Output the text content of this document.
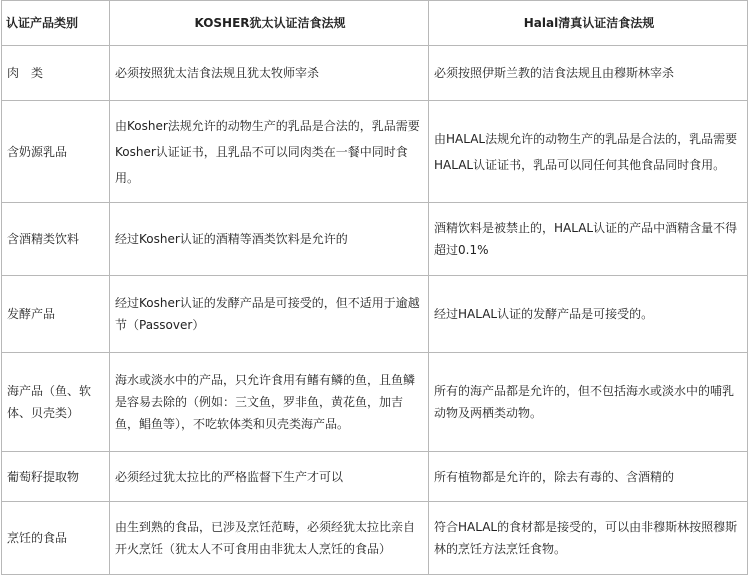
认证产品类别	KOSHER犹太认证洁食法规	Halal清真认证洁食法规
肉　类	必须按照犹太洁食法规且犹太牧师宰杀	必须按照伊斯兰教的洁食法规且由穆斯林宰杀
含奶源乳品	由Kosher法规允许的动物生产的乳品是合法的，乳品需要Kosher认证证书，且乳品不可以同肉类在一餐中同时食用。	由HALAL法规允许的动物生产的乳品是合法的，乳品需要HALAL认证证书，乳品可以同任何其他食品同时食用。
含酒精类饮料	经过Kosher认证的酒精等酒类饮料是允许的	酒精饮料是被禁止的，HALAL认证的产品中酒精含量不得超过0.1%
发酵产品	经过Kosher认证的发酵产品是可接受的，但不适用于逾越节（Passover）	经过HALAL认证的发酵产品是可接受的。
海产品（鱼、软体、贝壳类）	海水或淡水中的产品，只允许食用有鳍有鳞的鱼，且鱼鳞是容易去除的（例如：三文鱼，罗非鱼，黄花鱼，加吉鱼，鲳鱼等），不吃软体类和贝壳类海产品。	所有的海产品都是允许的，但不包括海水或淡水中的哺乳动物及两栖类动物。
葡萄籽提取物	必须经过犹太拉比的严格监督下生产才可以	所有植物都是允许的，除去有毒的、含酒精的
烹饪的食品	由生到熟的食品，已涉及烹饪范畴，必须经犹太拉比亲自开火烹饪（犹太人不可食用由非犹太人烹饪的食品）	符合HALAL的食材都是接受的，可以由非穆斯林按照穆斯林的烹饪方法烹饪食物。
